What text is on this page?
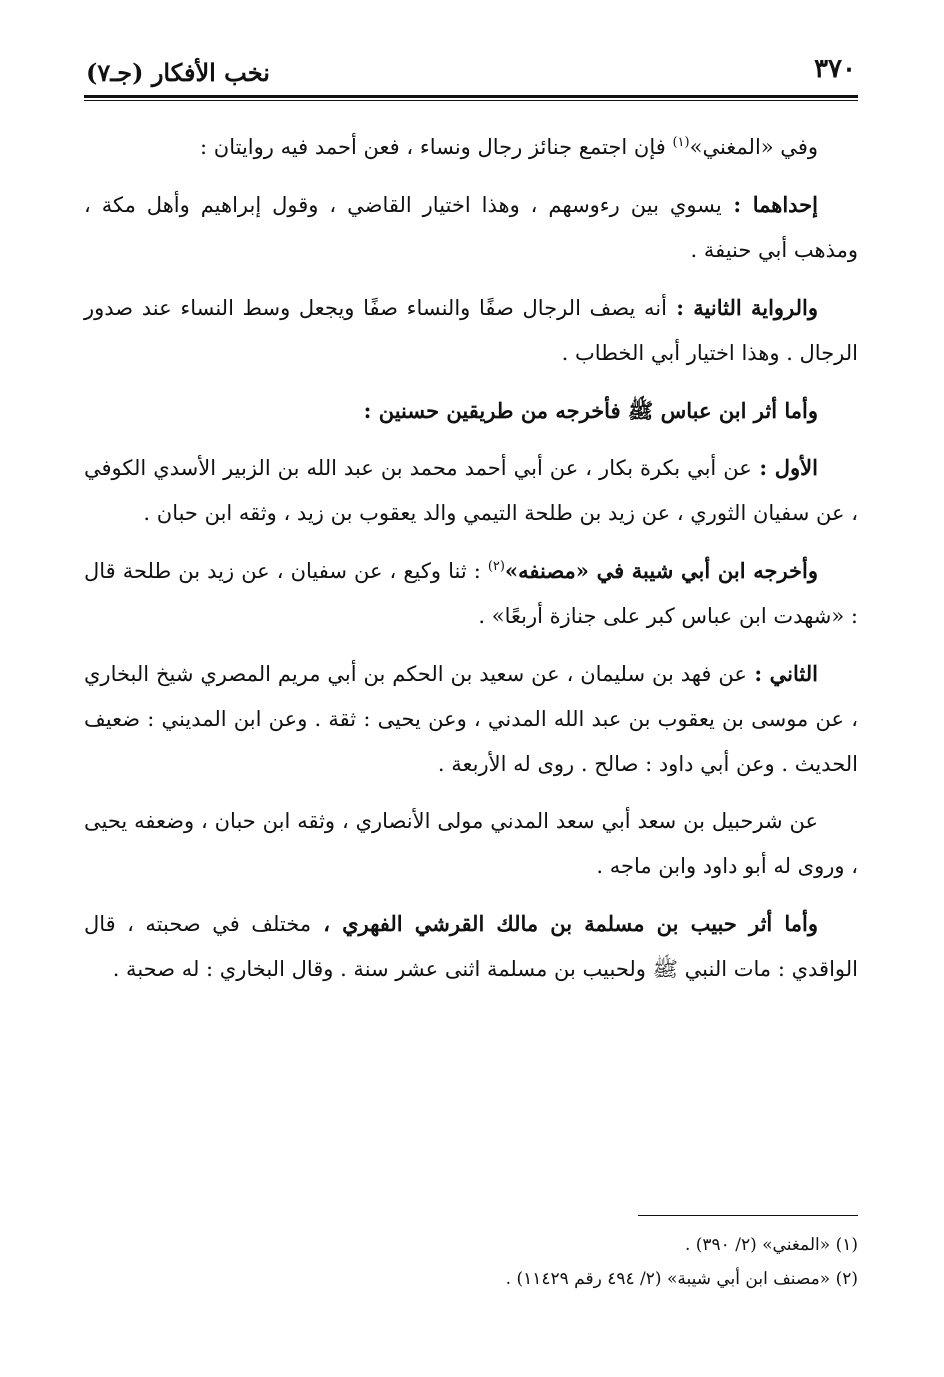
٣٧٠
نخب الأفكار (جـ٧)

وفي «المغني»$^{(١)}$ فإن اجتمع جنائز رجال ونساء ، فعن أحمد فيه روايتان :

إحداهما : يسوي بين رءوسهم ، وهذا اختيار القاضي ، وقول إبراهيم وأهل مكة ، ومذهب أبي حنيفة .

والرواية الثانية : أنه يصف الرجال صفًا والنساء صفًا ويجعل وسط النساء عند صدور الرجال . وهذا اختيار أبي الخطاب .

وأما أثر ابن عباس ﷺ فأخرجه من طريقين حسنين :

الأول : عن أبي بكرة بكار ، عن أبي أحمد محمد بن عبد الله بن الزبير الأسدي الكوفي ، عن سفيان الثوري ، عن زيد بن طلحة التيمي والد يعقوب بن زيد ، وثقه ابن حبان .

وأخرجه ابن أبي شيبة في «مصنفه»$^{(٢)}$ : ثنا وكيع ، عن سفيان ، عن زيد بن طلحة قال : «شهدت ابن عباس كبر على جنازة أربعًا» .

الثاني : عن فهد بن سليمان ، عن سعيد بن الحكم بن أبي مريم المصري شيخ البخاري ، عن موسى بن يعقوب بن عبد الله المدني ، وعن يحيى : ثقة . وعن ابن المديني : ضعيف الحديث . وعن أبي داود : صالح . روى له الأربعة .

عن شرحبيل بن سعد أبي سعد المدني مولى الأنصاري ، وثقه ابن حبان ، وضعفه يحيى ، وروى له أبو داود وابن ماجه .

وأما أثر حبيب بن مسلمة بن مالك القرشي الفهري ، مختلف في صحبته ، قال الواقدي : مات النبي ﷺ ولحبيب بن مسلمة اثنى عشر سنة . وقال البخاري : له صحبة .

(١) «المغني» (٢/ ٣٩٠) .

(٢) «مصنف ابن أبي شيبة» (٢/ ٤٩٤ رقم ١١٤٢٩) .
